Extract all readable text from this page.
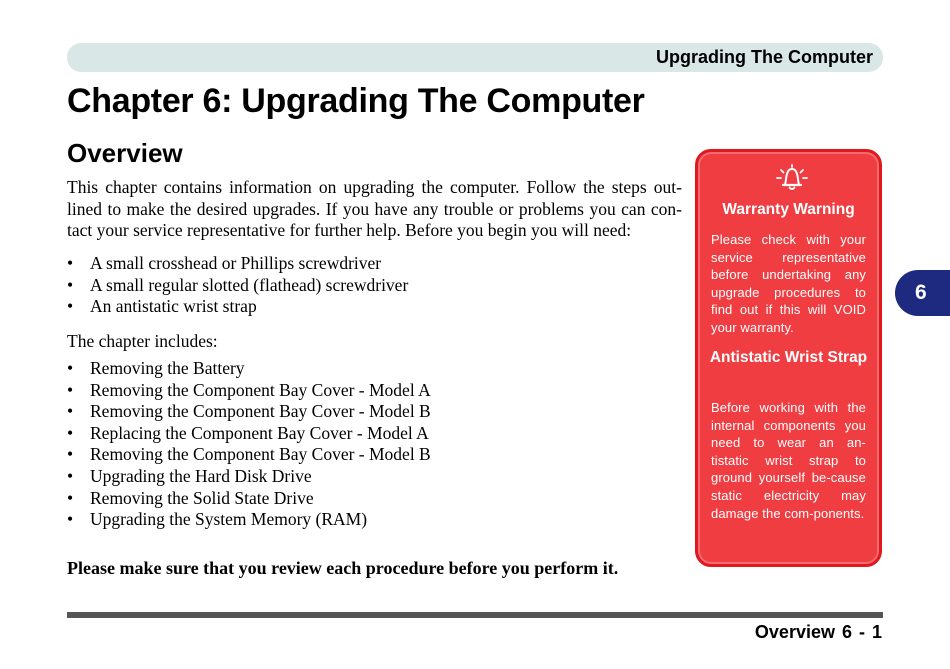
Upgrading The Computer
Chapter 6: Upgrading The Computer
Overview

This chapter contains information on upgrading the computer. Follow the steps out-lined to make the desired upgrades. If you have any trouble or problems you can con-tact your service representative for further help. Before you begin you will need:

• A small crosshead or Phillips screwdriver
• A small regular slotted (flathead) screwdriver
• An antistatic wrist strap

The chapter includes:

• Removing the Battery
• Removing the Component Bay Cover - Model A
• Removing the Component Bay Cover - Model B
• Replacing the Component Bay Cover - Model A
• Removing the Component Bay Cover - Model B
• Upgrading the Hard Disk Drive
• Removing the Solid State Drive
• Upgrading the System Memory (RAM)

Please make sure that you review each procedure before you perform it.

Warranty Warning

Please check with your service representative before undertaking any upgrade procedures to find out if this will VOID your warranty.

Antistatic Wrist Strap

Before working with the internal components you need to wear an an-tistatic wrist strap to ground yourself be-cause static electricity may damage the com-ponents.

6
Overview 6 - 1
